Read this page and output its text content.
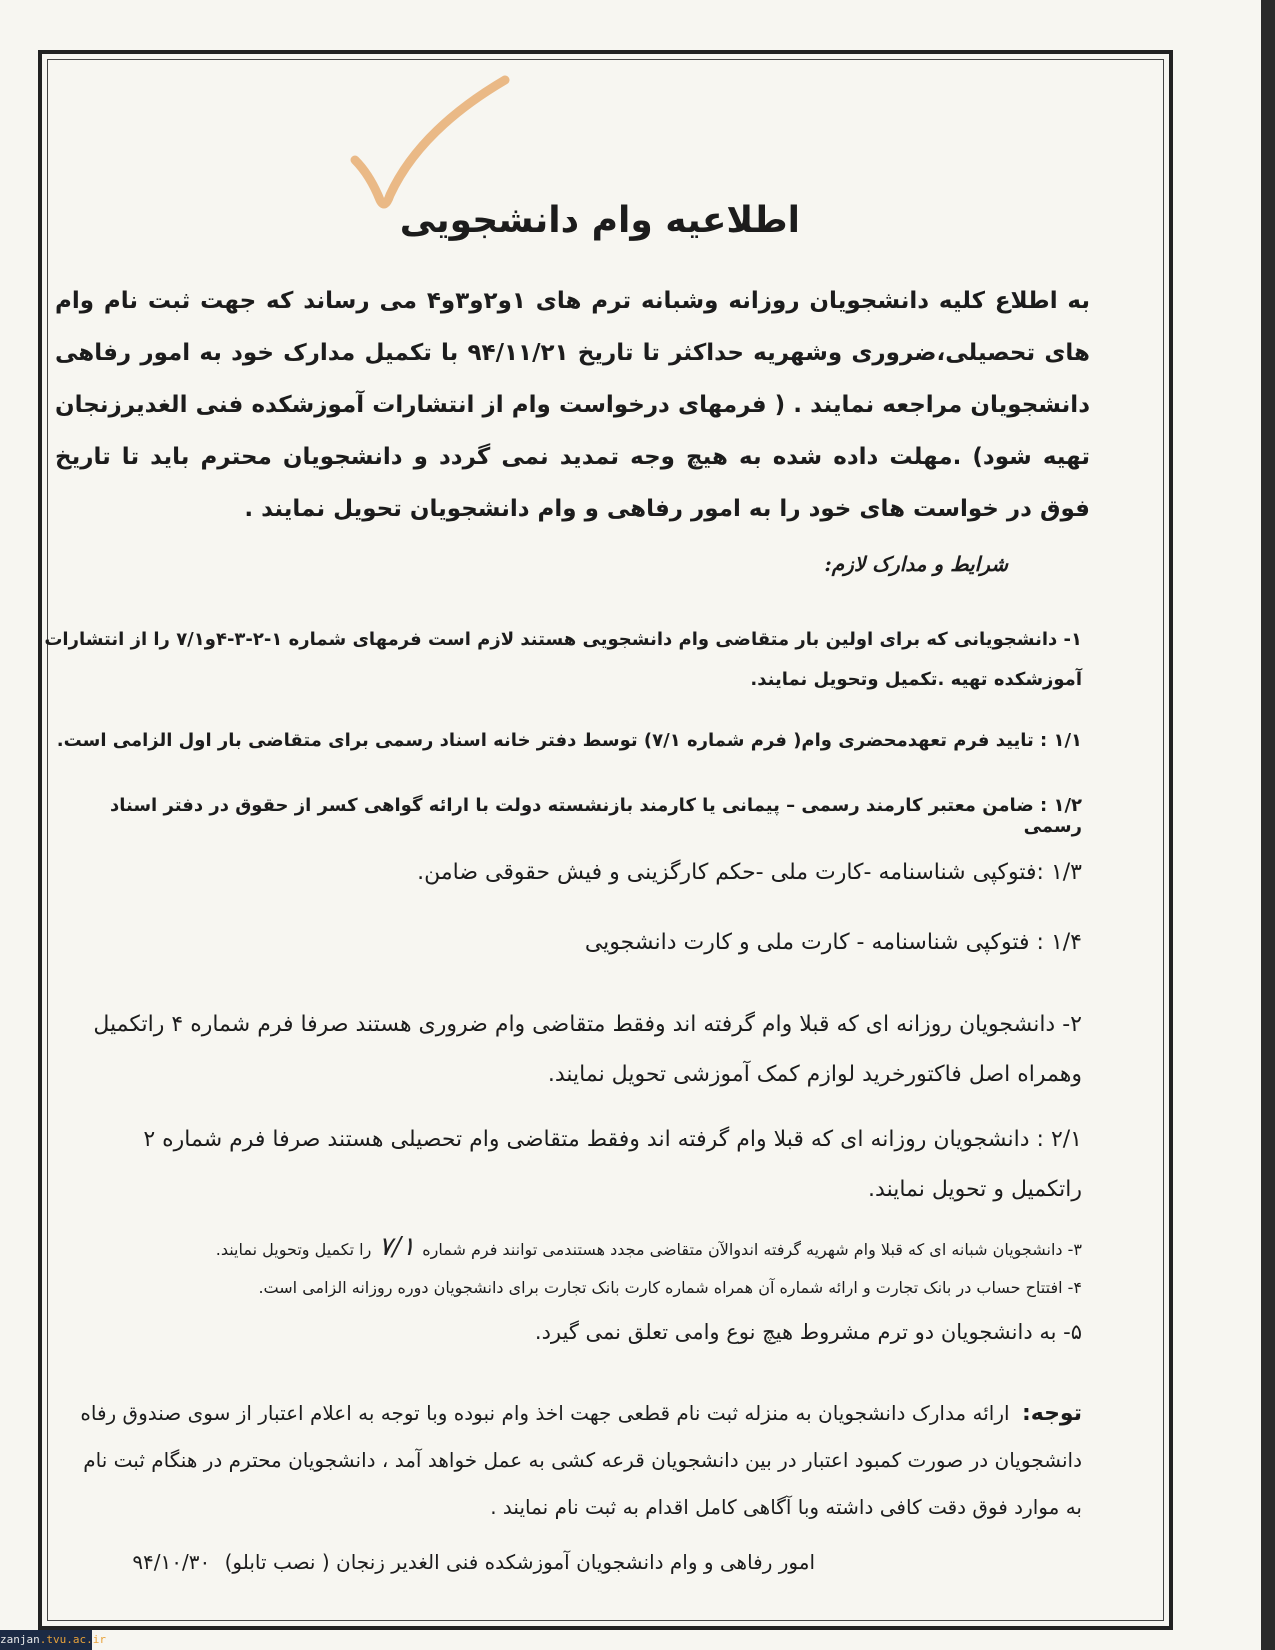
اطلاعیه وام دانشجویی

به اطلاع کلیه دانشجویان روزانه وشبانه ترم های ۱و۲و۳و۴ می رساند که جهت ثبت نام وام های تحصیلی،ضروری وشهریه حداکثر تا تاریخ ۹۴/۱۱/۲۱ با تکمیل مدارک خود به امور رفاهی دانشجویان مراجعه نمایند . ( فرمهای درخواست وام از انتشارات آموزشکده فنی الغدیرزنجان تهیه شود) .مهلت داده شده به هیچ وجه تمدید نمی گردد و دانشجویان محترم باید تا تاریخ فوق در خواست های خود را به امور رفاهی و وام دانشجویان تحویل نمایند .

شرایط و مدارک لازم:
۱- دانشجویانی که برای اولین بار متقاضی وام دانشجویی هستند لازم است فرمهای شماره ۱-۲-۳-۴و۷/۱ را از انتشارات آموزشکده تهیه .تکمیل وتحویل نمایند.
۱/۱ : تایید فرم تعهدمحضری وام( فرم شماره ۷/۱) توسط دفتر خانه اسناد رسمی برای متقاضی بار اول الزامی است.
۱/۲ : ضامن معتبر کارمند رسمی – پیمانی یا کارمند بازنشسته دولت با ارائه گواهی کسر از حقوق در دفتر اسناد رسمی
۱/۳ :فتوکپی شناسنامه -کارت ملی -حکم کارگزینی و فیش حقوقی ضامن.
۱/۴ : فتوکپی شناسنامه - کارت ملی و کارت دانشجویی
۲- دانشجویان روزانه ای که قبلا وام گرفته اند وفقط متقاضی وام ضروری هستند صرفا فرم شماره ۴ راتکمیل وهمراه اصل فاکتورخرید لوازم کمک آموزشی تحویل نمایند.
۲/۱ : دانشجویان روزانه ای که قبلا وام گرفته اند وفقط متقاضی وام تحصیلی هستند صرفا فرم شماره ۲ راتکمیل و تحویل نمایند.
۳- دانشجویان شبانه ای که قبلا وام شهریه گرفته اندوالآن متقاضی مجدد هستندمی توانند فرم شماره ۷/۱ را تکمیل وتحویل نمایند.
۴- افتتاح حساب در بانک تجارت و ارائه شماره آن همراه شماره کارت بانک تجارت برای دانشجویان دوره روزانه الزامی است.
۵- به دانشجویان دو ترم مشروط هیچ نوع وامی تعلق نمی گیرد.
توجه: ارائه مدارک دانشجویان به منزله ثبت نام قطعی جهت اخذ وام نبوده وبا توجه به اعلام اعتبار از سوی صندوق رفاه دانشجویان در صورت کمبود اعتبار در بین دانشجویان قرعه کشی به عمل خواهد آمد ، دانشجویان محترم در هنگام ثبت نام به موارد فوق دقت کافی داشته وبا آگاهی کامل اقدام به ثبت نام نمایند .
امور رفاهی و وام دانشجویان آموزشکده فنی الغدیر زنجان ( نصب تابلو) ۹۴/۱۰/۳۰
zanjan.tvu.ac.ir
